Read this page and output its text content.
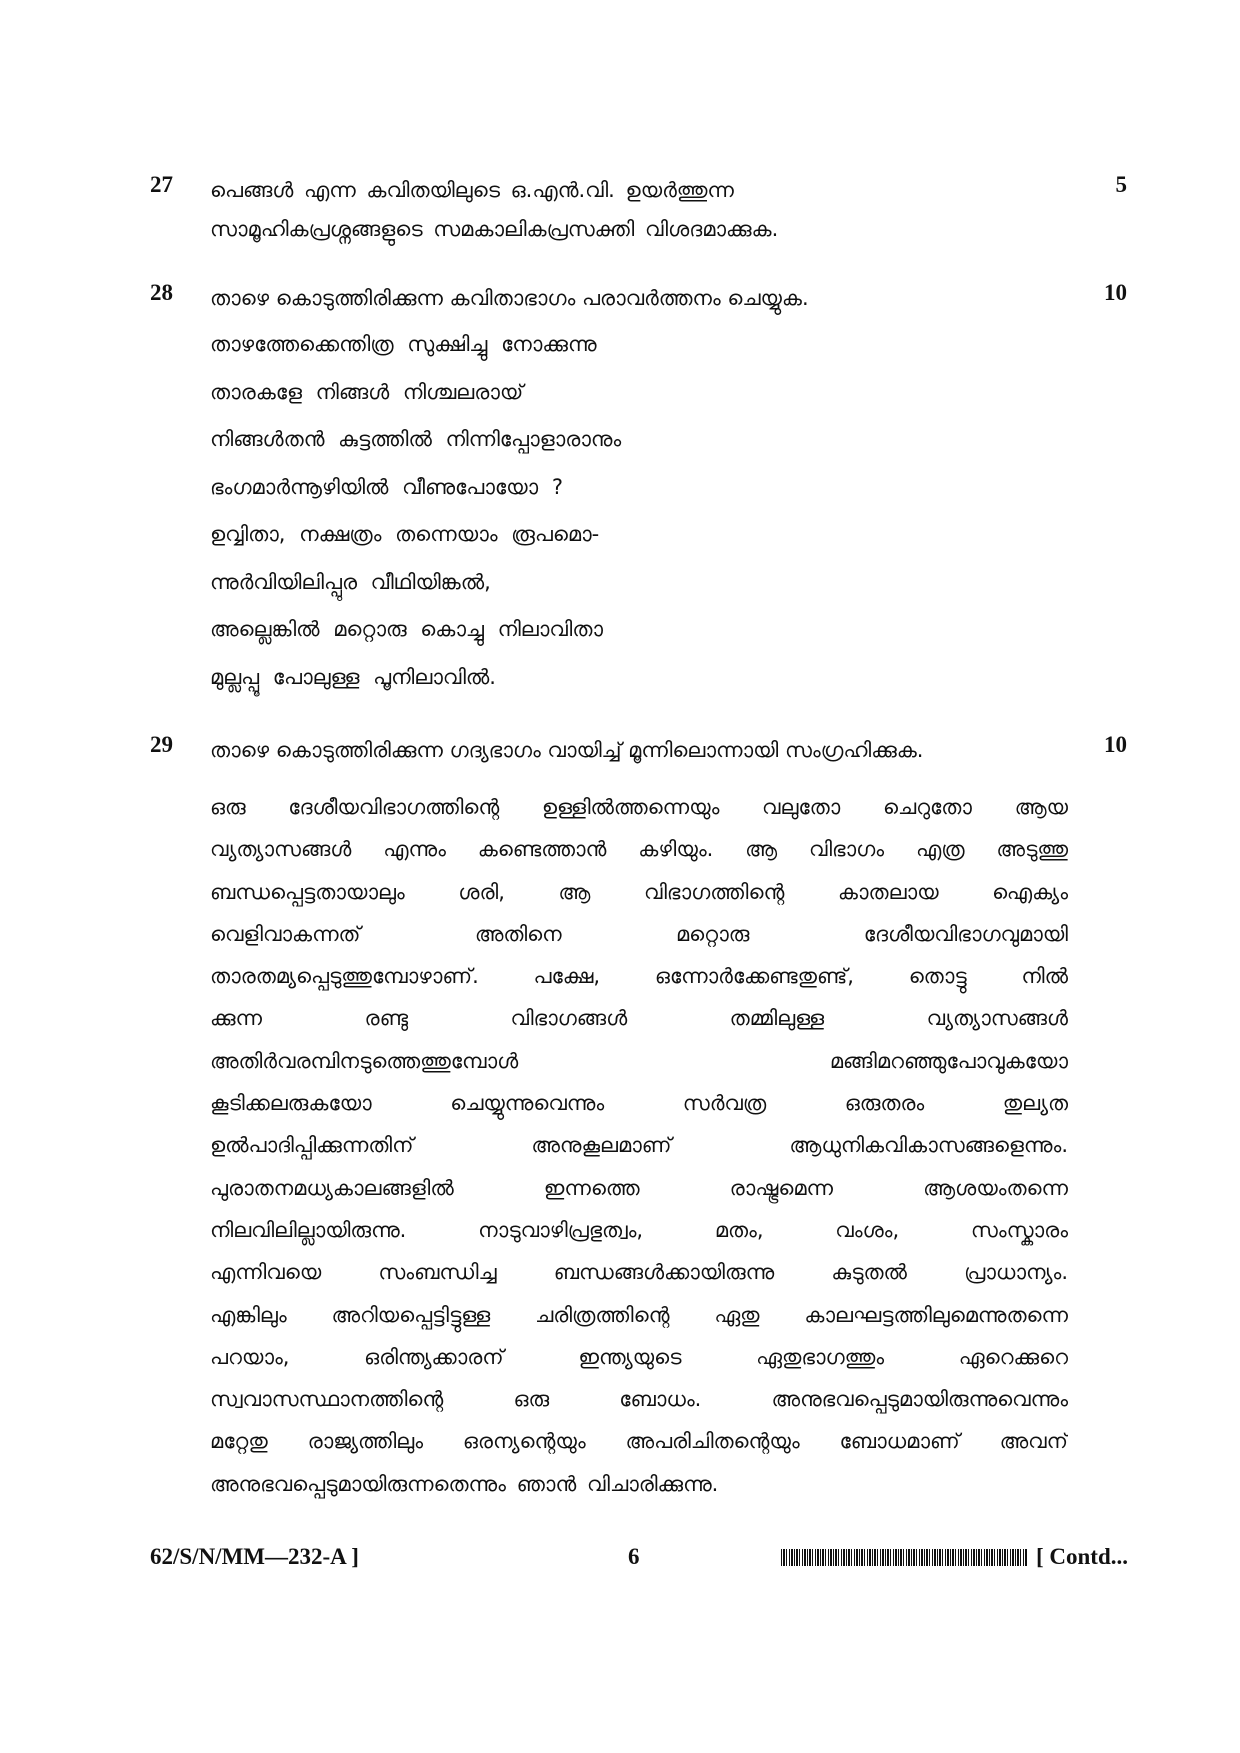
27	5
പെങ്ങൾ എന്ന കവിതയിലുടെ ഒ.എൻ.വി. ഉയർത്തുന്ന
സാമൂഹികപ്രശ്നങ്ങളുടെ സമകാലികപ്രസക്തി വിശദമാക്കുക.
28	10
താഴെ കൊടുത്തിരിക്കുന്ന കവിതാഭാഗം പരാവർത്തനം ചെയ്യുക.
താഴത്തേക്കെന്തിത്ര സുക്ഷിച്ചു നോക്കുന്നു
താരകളേ നിങ്ങൾ നിശ്ചലരായ്
നിങ്ങൾതൻ കുട്ടത്തിൽ നിന്നിപ്പോളാരാനും
ഭംഗമാർന്നൂഴിയിൽ വീണുപോയോ ?
ഉവ്വിതാ, നക്ഷത്രം തന്നെയാം രൂപമൊ-
ന്നുർവിയിലിപ്പുര വീഥിയിങ്കൽ,
അല്ലെങ്കിൽ മറ്റൊരു കൊച്ചു നിലാവിതാ
മുല്ലപ്പൂ പോലുള്ള പൂനിലാവിൽ.
29	10
താഴെ കൊടുത്തിരിക്കുന്ന ഗദ്യഭാഗം വായിച്ച് മൂന്നിലൊന്നായി സംഗ്രഹിക്കുക.
ഒരു ദേശീയവിഭാഗത്തിന്റെ ഉള്ളിൽത്തന്നെയും വലുതോ ചെറുതോ ആയ
വ്യത്യാസങ്ങൾ എന്നും കണ്ടെത്താൻ കഴിയും. ആ വിഭാഗം എത്ര അടുത്തു
ബന്ധപ്പെട്ടതായാലും ശരി, ആ വിഭാഗത്തിന്റെ കാതലായ ഐക്യം
വെളിവാകന്നത് അതിനെ മറ്റൊരു ദേശീയവിഭാഗവുമായി
താരതമ്യപ്പെടുത്തുമ്പോഴാണ്. പക്ഷേ, ഒന്നോർക്കേണ്ടതുണ്ട്, തൊട്ടു നിൽ
ക്കുന്ന രണ്ടു വിഭാഗങ്ങൾ തമ്മിലുള്ള വ്യത്യാസങ്ങൾ
അതിർവരമ്പിനടുത്തെത്തുമ്പോൾ മങ്ങിമറഞ്ഞുപോവുകയോ
കൂടിക്കലരുകയോ ചെയ്യുന്നുവെന്നും സർവത്ര ഒരുതരം തുല്യത
ഉൽപാദിപ്പിക്കുന്നതിന് അനുകൂലമാണ് ആധുനികവികാസങ്ങളെന്നും.
പുരാതനമധ്യകാലങ്ങളിൽ ഇന്നത്തെ രാഷ്ട്രമെന്ന ആശയംതന്നെ
നിലവിലില്ലായിരുന്നു. നാടുവാഴിപ്രഭുത്വം, മതം, വംശം, സംസ്കാരം
എന്നിവയെ സംബന്ധിച്ച ബന്ധങ്ങൾക്കായിരുന്നു കുടുതൽ പ്രാധാന്യം.
എങ്കിലും അറിയപ്പെട്ടിട്ടുള്ള ചരിത്രത്തിന്റെ ഏതു കാലഘട്ടത്തിലുമെന്നുതന്നെ
പറയാം, ഒരിന്ത്യക്കാരന് ഇന്ത്യയുടെ ഏതുഭാഗത്തും ഏറെക്കുറെ
സ്വവാസസ്ഥാനത്തിന്റെ ഒരു ബോധം. അനുഭവപ്പെടുമായിരുന്നുവെന്നും
മറ്റേതു രാജ്യത്തിലും ഒരന്യന്റെയും അപരിചിതന്റെയും ബോധമാണ് അവന്
അനുഭവപ്പെടുമായിരുന്നതെന്നും ഞാൻ വിചാരിക്കുന്നു.
62/S/N/MM—232-A ]	6	[ Contd...
